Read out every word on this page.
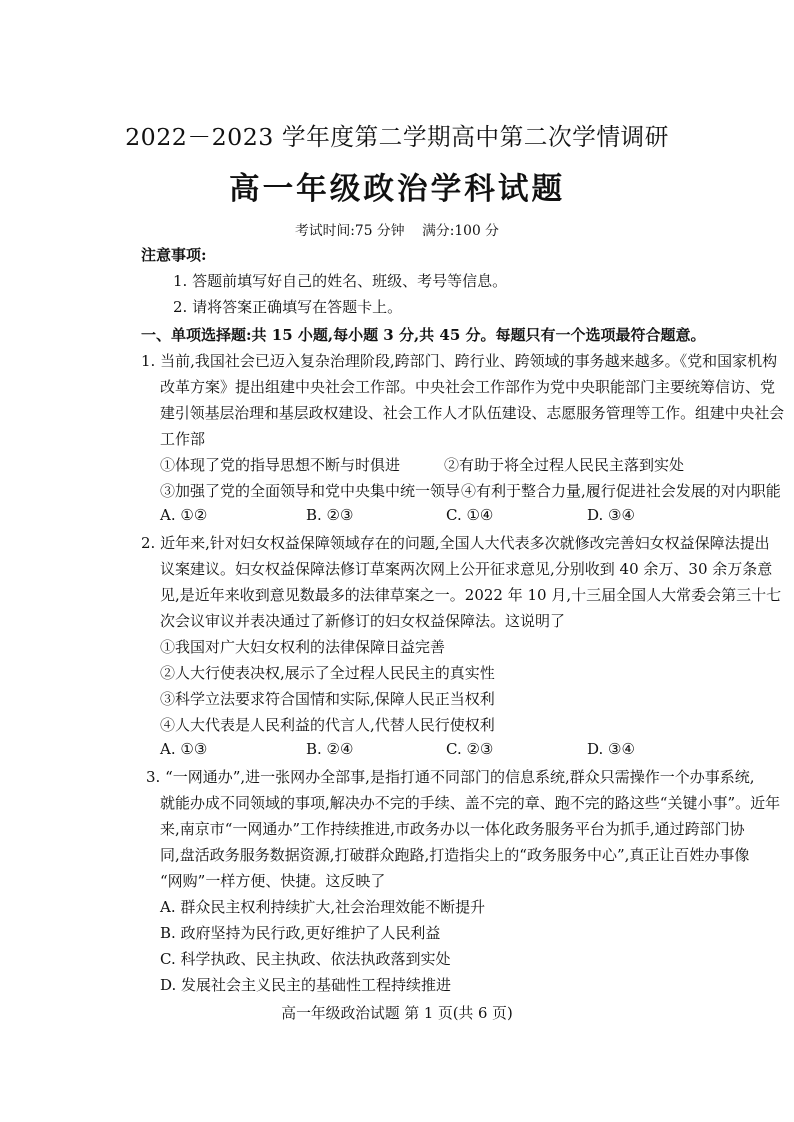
2022－2023 学年度第二学期高中第二次学情调研
高一年级政治学科试题
考试时间:75 分钟 满分:100 分
注意事项:
1. 答题前填写好自己的姓名、班级、考号等信息。
2. 请将答案正确填写在答题卡上。
一、单项选择题:共 15 小题,每小题 3 分,共 45 分。每题只有一个选项最符合题意。
1. 当前,我国社会已迈入复杂治理阶段,跨部门、跨行业、跨领域的事务越来越多。《党和国家机构
改革方案》提出组建中央社会工作部。中央社会工作部作为党中央职能部门主要统筹信访、党
建引领基层治理和基层政权建设、社会工作人才队伍建设、志愿服务管理等工作。组建中央社会
工作部
①体现了党的指导思想不断与时俱进	②有助于将全过程人民民主落到实处
③加强了党的全面领导和党中央集中统一领导 ④有利于整合力量,履行促进社会发展的对内职能
A. ①②	B. ②③	C. ①④	D. ③④
2. 近年来,针对妇女权益保障领域存在的问题,全国人大代表多次就修改完善妇女权益保障法提出
议案建议。妇女权益保障法修订草案两次网上公开征求意见,分别收到 40 余万、30 余万条意
见,是近年来收到意见数最多的法律草案之一。2022 年 10 月,十三届全国人大常委会第三十七
次会议审议并表决通过了新修订的妇女权益保障法。这说明了
①我国对广大妇女权利的法律保障日益完善
②人大行使表决权,展示了全过程人民民主的真实性
③科学立法要求符合国情和实际,保障人民正当权利
④人大代表是人民利益的代言人,代替人民行使权利
A. ①③	B. ②④	C. ②③	D. ③④
3. “一网通办”,进一张网办全部事,是指打通不同部门的信息系统,群众只需操作一个办事系统,
就能办成不同领域的事项,解决办不完的手续、盖不完的章、跑不完的路这些“关键小事”。近年
来,南京市“一网通办”工作持续推进,市政务办以一体化政务服务平台为抓手,通过跨部门协
同,盘活政务服务数据资源,打破群众跑路,打造指尖上的“政务服务中心”,真正让百姓办事像
“网购”一样方便、快捷。这反映了
A. 群众民主权利持续扩大,社会治理效能不断提升
B. 政府坚持为民行政,更好维护了人民利益
C. 科学执政、民主执政、依法执政落到实处
D. 发展社会主义民主的基础性工程持续推进
高一年级政治试题 第 1 页(共 6 页)
